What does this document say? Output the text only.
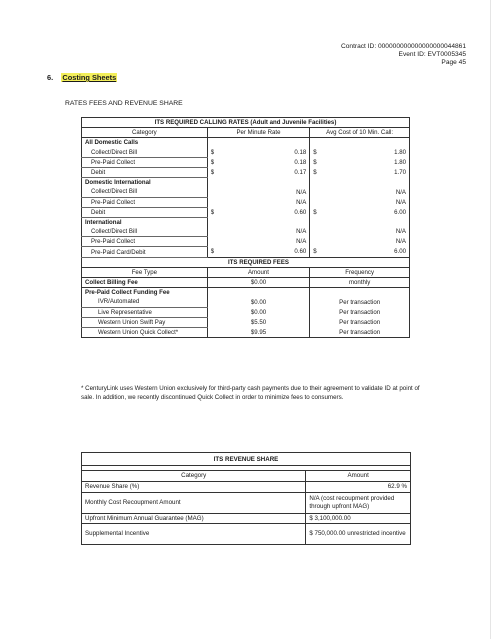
Contract ID: 000000000000000000044861
Event ID: EVT0005345
Page 45
6. Costing Sheets
RATES FEES AND REVENUE SHARE
ITS REQUIRED CALLING RATES (Adult and Juvenile Facilities)		
Category	Per Minute Rate	Avg Cost of 10 Min. Call:
All Domestic Calls		
Collect/Direct Bill	$ 0.18	$ 1.80

Pre-Paid Collect	$ 0.18	$ 1.80

Debit	$ 0.17	$ 1.70

Domestic International		
Collect/Direct Bill	N/A	N/A
Pre-Paid Collect	N/A	N/A
Debit	$ 0.60	$ 6.00

International		
Collect/Direct Bill	N/A	N/A
Pre-Paid Collect	N/A	N/A
Pre-Paid Card/Debit	$ 0.60	$ 6.00

	ITS REQUIRED FEES	
Fee Type	Amount	Frequency
Collect Billing Fee	$0.00	monthly
Pre-Paid Collect Funding Fee		
IVR/Automated	$0.00	Per transaction
Live Representative	$0.00	Per transaction
Western Union Swift Pay	$5.50	Per transaction
Western Union Quick Collect*	$9.95	Per transaction
* CenturyLink uses Western Union exclusively for third-party cash payments due to their agreement to validate ID at point of sale. In addition, we recently discontinued Quick Collect in order to minimize fees to consumers.
ITS REVENUE SHARE	

Category	Amount
Revenue Share (%)	62.9 %
Monthly Cost Recoupment Amount	N/A (cost recoupment provided through upfront MAG)
Upfront Minimum Annual Guarantee (MAG)	$ 3,100,000.00
Supplemental Incentive	$ 750,000.00 unrestricted incentive
